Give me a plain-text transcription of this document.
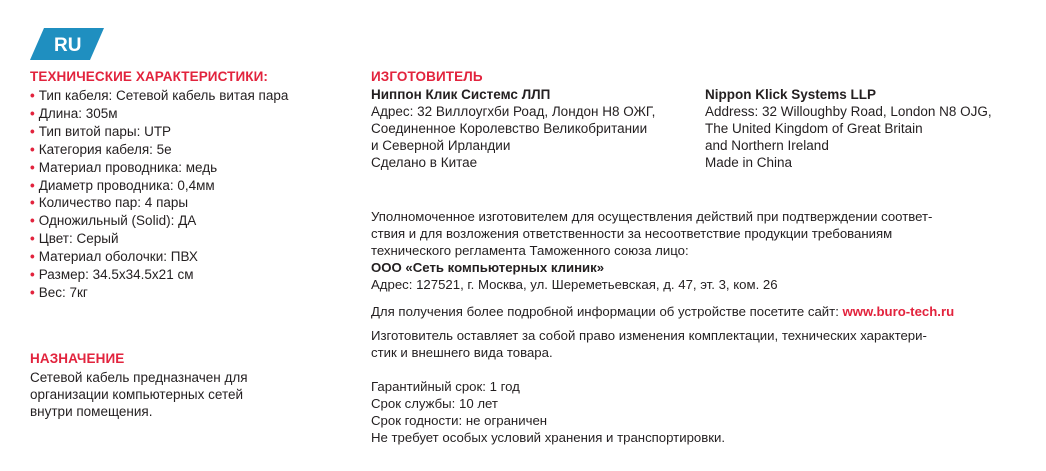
RU
ТЕХНИЧЕСКИЕ ХАРАКТЕРИСТИКИ:
• Тип кабеля: Сетевой кабель витая пара
• Длина: 305м
• Тип витой пары: UTP
• Категория кабеля: 5е
• Материал проводника: медь
• Диаметр проводника: 0,4мм
• Количество пар: 4 пары
• Одножильный (Solid): ДА
• Цвет: Серый
• Материал оболочки: ПВХ
• Размер: 34.5x34.5x21 см
• Вес: 7кг
НАЗНАЧЕНИЕ
Сетевой кабель предназначен для
организации компьютерных сетей
внутри помещения.
ИЗГОТОВИТЕЛЬ
Ниппон Клик Системс ЛЛП
Адрес: 32 Виллоугхби Роад, Лондон Н8 ОЖГ,
Соединенное Королевство Великобритании
и Северной Ирландии
Сделано в Китае
Nippon Klick Systems LLP
Address: 32 Willoughby Road, London N8 OJG,
The United Kingdom of Great Britain
and Northern Ireland
Made in China
Уполномоченное изготовителем для осуществления действий при подтверждении соответ-
ствия и для возложения ответственности за несоответствие продукции требованиям
технического регламента Таможенного союза лицо:
ООО «Сеть компьютерных клиник»
Адрес: 127521, г. Москва, ул. Шереметьевская, д. 47, эт. 3, ком. 26
Для получения более подробной информации об устройстве посетите сайт: www.buro-tech.ru
Изготовитель оставляет за собой право изменения комплектации, технических характери-
стик и внешнего вида товара.
Гарантийный срок: 1 год
Срок службы: 10 лет
Срок годности: не ограничен
Не требует особых условий хранения и транспортировки.
